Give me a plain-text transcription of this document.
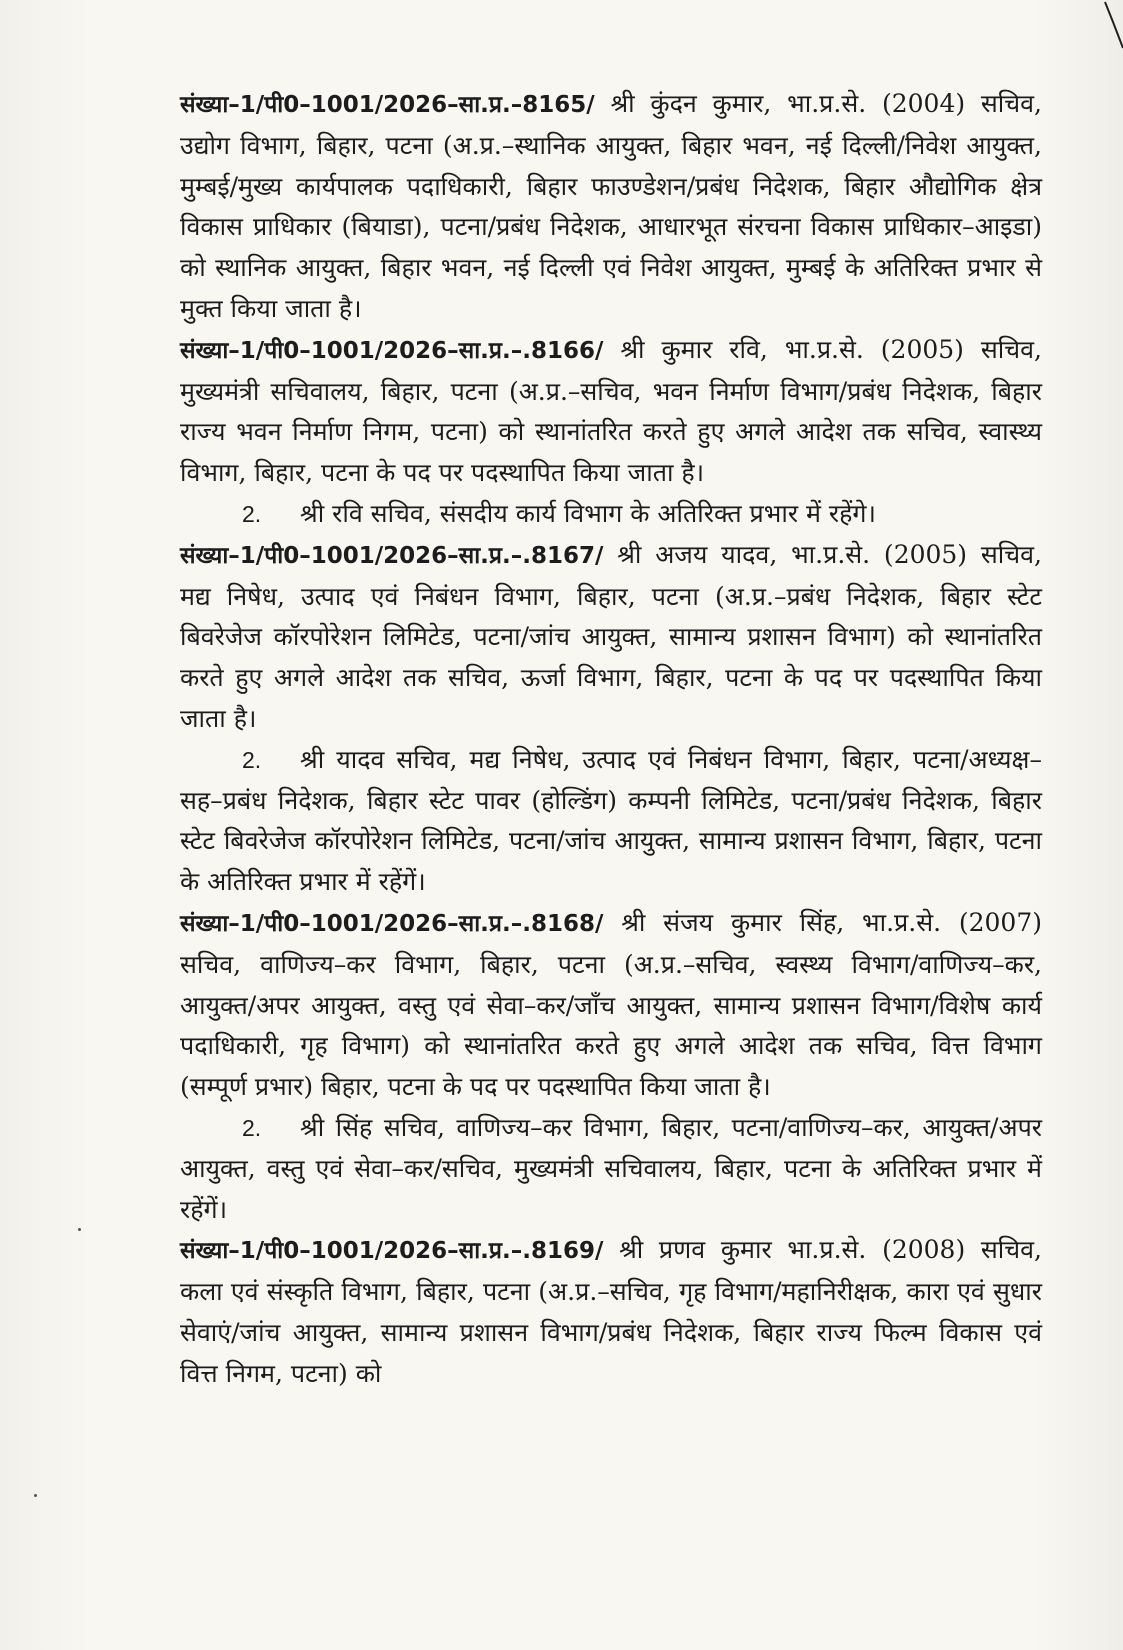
संख्या–1/पी0–1001/2026–सा.प्र.–8165/ श्री कुंदन कुमार, भा.प्र.से. (2004) सचिव, उद्योग विभाग, बिहार, पटना (अ.प्र.–स्थानिक आयुक्त, बिहार भवन, नई दिल्ली/निवेश आयुक्त, मुम्बई/मुख्य कार्यपालक पदाधिकारी, बिहार फाउण्डेशन/प्रबंध निदेशक, बिहार औद्योगिक क्षेत्र विकास प्राधिकार (बियाडा), पटना/प्रबंध निदेशक, आधारभूत संरचना विकास प्राधिकार–आइडा) को स्थानिक आयुक्त, बिहार भवन, नई दिल्ली एवं निवेश आयुक्त, मुम्बई के अतिरिक्त प्रभार से मुक्त किया जाता है।

संख्या–1/पी0–1001/2026–सा.प्र.–.8166/ श्री कुमार रवि, भा.प्र.से. (2005) सचिव, मुख्यमंत्री सचिवालय, बिहार, पटना (अ.प्र.–सचिव, भवन निर्माण विभाग/प्रबंध निदेशक, बिहार राज्य भवन निर्माण निगम, पटना) को स्थानांतरित करते हुए अगले आदेश तक सचिव, स्वास्थ्य विभाग, बिहार, पटना के पद पर पदस्थापित किया जाता है।

2. श्री रवि सचिव, संसदीय कार्य विभाग के अतिरिक्त प्रभार में रहेंगे।

संख्या–1/पी0–1001/2026–सा.प्र.–.8167/ श्री अजय यादव, भा.प्र.से. (2005) सचिव, मद्य निषेध, उत्पाद एवं निबंधन विभाग, बिहार, पटना (अ.प्र.–प्रबंध निदेशक, बिहार स्टेट बिवरेजेज कॉरपोरेशन लिमिटेड, पटना/जांच आयुक्त, सामान्य प्रशासन विभाग) को स्थानांतरित करते हुए अगले आदेश तक सचिव, ऊर्जा विभाग, बिहार, पटना के पद पर पदस्थापित किया जाता है।

2. श्री यादव सचिव, मद्य निषेध, उत्पाद एवं निबंधन विभाग, बिहार, पटना/अध्यक्ष–सह–प्रबंध निदेशक, बिहार स्टेट पावर (होल्डिंग) कम्पनी लिमिटेड, पटना/प्रबंध निदेशक, बिहार स्टेट बिवरेजेज कॉरपोरेशन लिमिटेड, पटना/जांच आयुक्त, सामान्य प्रशासन विभाग, बिहार, पटना के अतिरिक्त प्रभार में रहेंगें।

संख्या–1/पी0–1001/2026–सा.प्र.–.8168/ श्री संजय कुमार सिंह, भा.प्र.से. (2007) सचिव, वाणिज्य–कर विभाग, बिहार, पटना (अ.प्र.–सचिव, स्वस्थ्य विभाग/वाणिज्य–कर, आयुक्त/अपर आयुक्त, वस्तु एवं सेवा–कर/जाँच आयुक्त, सामान्य प्रशासन विभाग/विशेष कार्य पदाधिकारी, गृह विभाग) को स्थानांतरित करते हुए अगले आदेश तक सचिव, वित्त विभाग (सम्पूर्ण प्रभार) बिहार, पटना के पद पर पदस्थापित किया जाता है।

2. श्री सिंह सचिव, वाणिज्य–कर विभाग, बिहार, पटना/वाणिज्य–कर, आयुक्त/अपर आयुक्त, वस्तु एवं सेवा–कर/सचिव, मुख्यमंत्री सचिवालय, बिहार, पटना के अतिरिक्त प्रभार में रहेंगें।

संख्या–1/पी0–1001/2026–सा.प्र.–.8169/ श्री प्रणव कुमार भा.प्र.से. (2008) सचिव, कला एवं संस्कृति विभाग, बिहार, पटना (अ.प्र.–सचिव, गृह विभाग/महानिरीक्षक, कारा एवं सुधार सेवाएं/जांच आयुक्त, सामान्य प्रशासन विभाग/प्रबंध निदेशक, बिहार राज्य फिल्म विकास एवं वित्त निगम, पटना) को
